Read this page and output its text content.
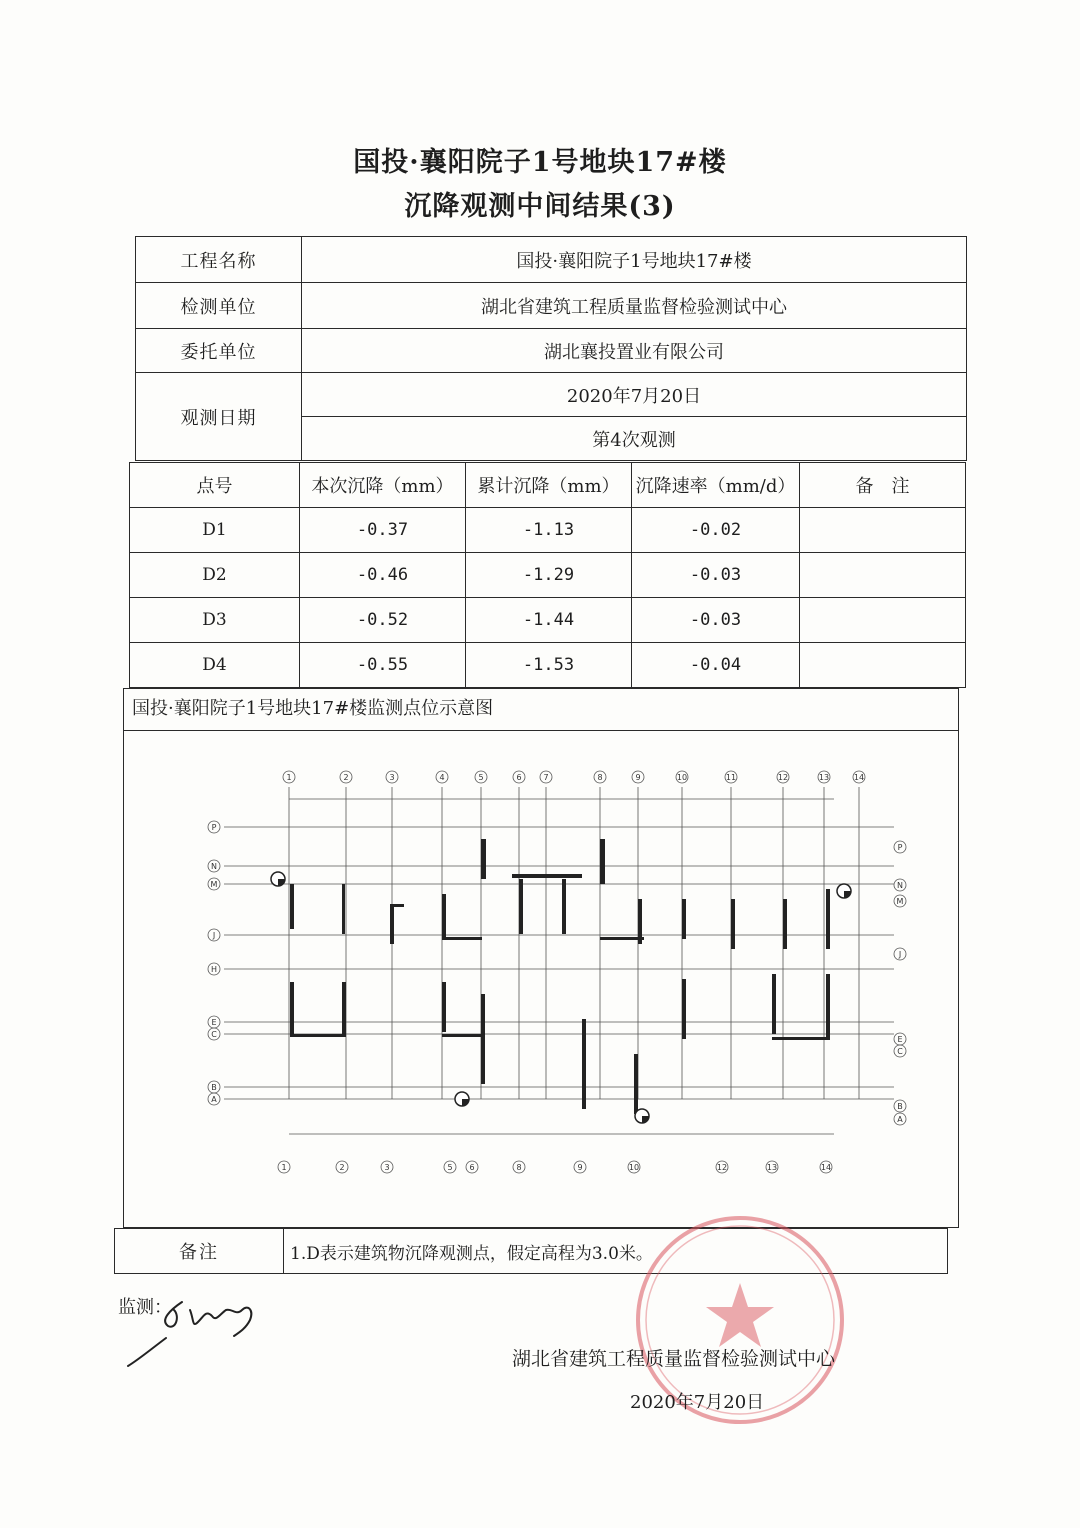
国投·襄阳院子1号地块17#楼
沉降观测中间结果(3)
工程名称	国投·襄阳院子1号地块17#楼
检测单位	湖北省建筑工程质量监督检验测试中心
委托单位	湖北襄投置业有限公司
观测日期	2020年7月20日
	第4次观测
点号	本次沉降（mm）	累计沉降（mm）	沉降速率（mm/d）	备　注
D1	-0.37	-1.13	-0.02	
D2	-0.46	-1.29	-0.03	
D3	-0.52	-1.44	-0.03	
D4	-0.55	-1.53	-0.04	
国投·襄阳院子1号地块17#楼监测点位示意图
1	2	3	4	5	6	7	8	9	10	11	12	13	14
1	2	3	5 6	8	9	10	12	13	14
P
N
M
J
H
E
C
B
A
P
N
M
J
E
C
B
A
备注	1.D表示建筑物沉降观测点，假定高程为3.0米。
监测：
湖北省建筑工程质量监督检验测试中心
2020年7月20日
